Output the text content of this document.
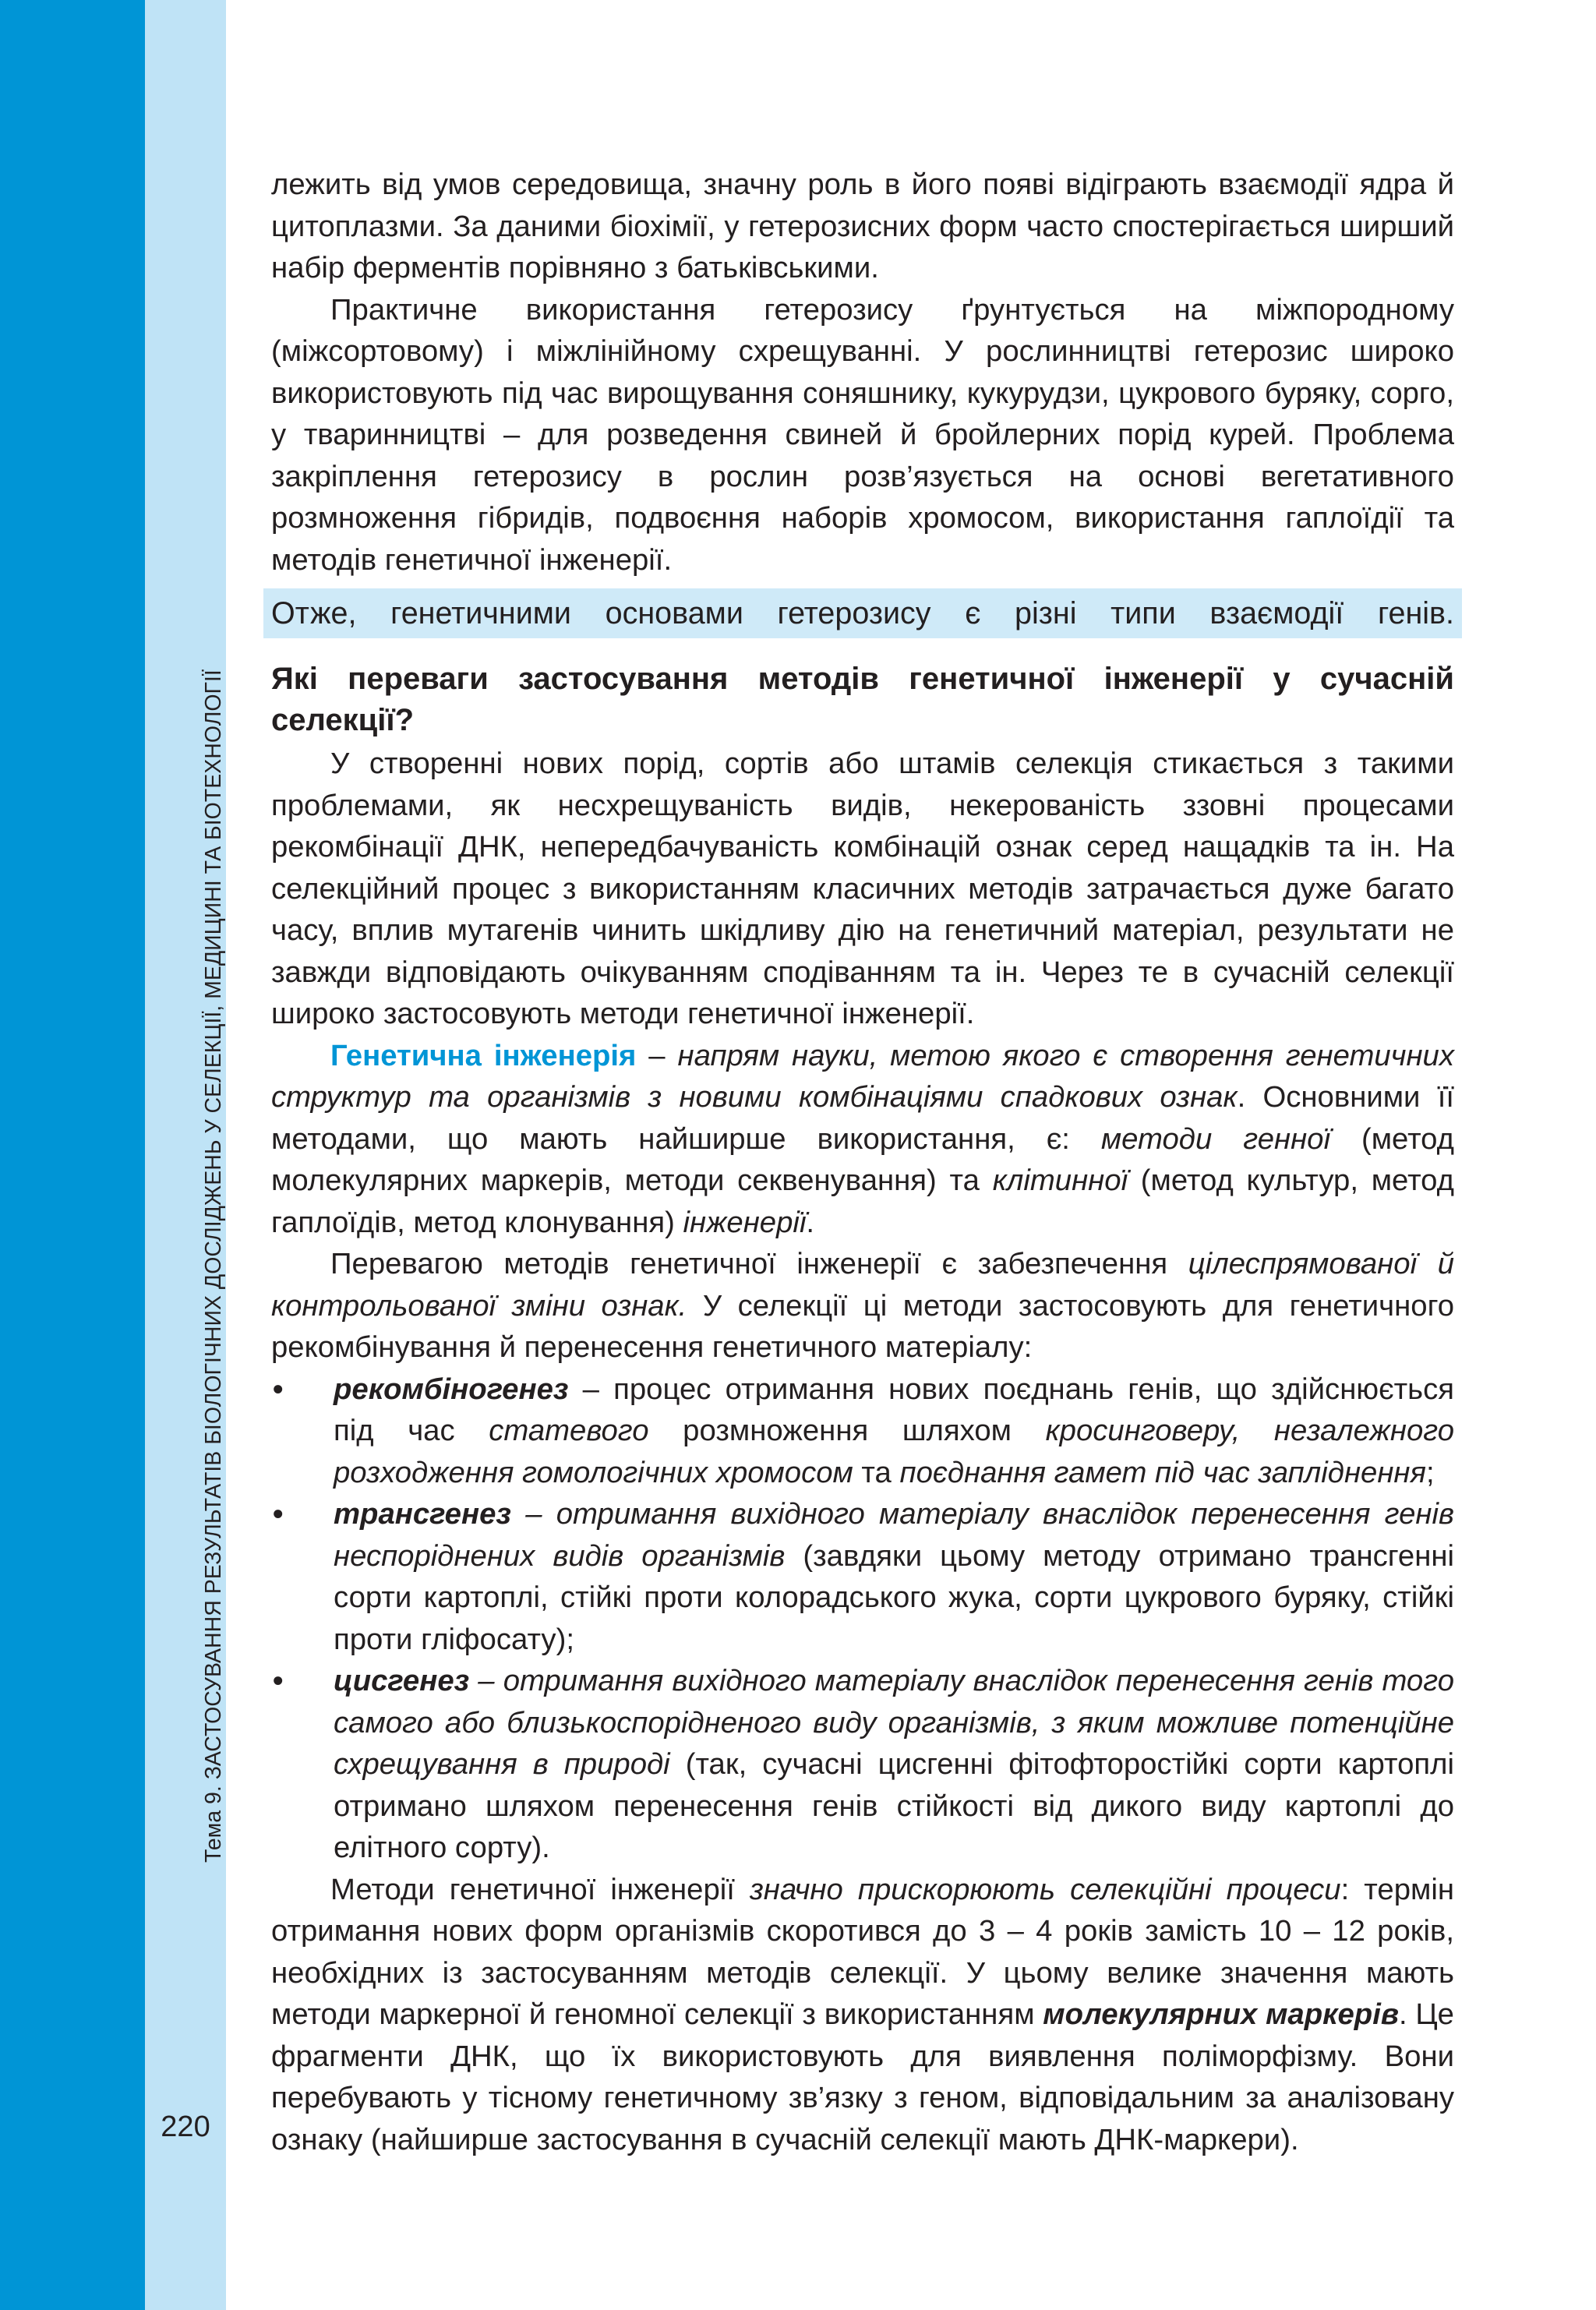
Тема 9. ЗАСТОСУВАННЯ РЕЗУЛЬТАТІВ БІОЛОГІЧНИХ ДОСЛІДЖЕНЬ У СЕЛЕКЦІЇ, МЕДИЦИНІ ТА БІОТЕХНОЛОГІЇ
220

лежить від умов середовища, значну роль в його появі відіграють взаємодії ядра й цитоплазми. За даними біохімії, у гетерозисних форм часто спостерігається ширший набір ферментів порівняно з батьківськими.

Практичне використання гетерозису ґрунтується на міжпородному (міжсортовому) і міжлінійному схрещуванні. У рослинництві гетерозис широко використовують під час вирощування соняшнику, кукурудзи, цукрового буряку, сорго, у тваринництві – для розведення свиней й бройлерних порід курей. Проблема закріплення гетерозису в рослин розв’язується на основі вегетативного розмноження гібридів, подвоєння наборів хромосом, використання гаплоїдії та методів генетичної інженерії.

Отже, генетичними основами гетерозису є різні типи взаємодії генів.

Які переваги застосування методів генетичної інженерії у сучасній селекції?

У створенні нових порід, сортів або штамів селекція стикається з такими проблемами, як несхрещуваність видів, некерованість ззовні процесами рекомбінації ДНК, непередбачуваність комбінацій ознак серед нащадків та ін. На селекційний процес з використанням класичних методів затрачається дуже багато часу, вплив мутагенів чинить шкідливу дію на генетичний матеріал, результати не завжди відповідають очікуванням сподіванням та ін. Через те в сучасній селекції широко застосовують методи генетичної інженерії.

Генетична інженерія – напрям науки, метою якого є створення генетичних структур та організмів з новими комбінаціями спадкових ознак. Основними її методами, що мають найширше використання, є: методи генної (метод молекулярних маркерів, методи секвенування) та клітинної (метод культур, метод гаплоїдів, метод клонування) інженерії.

Перевагою методів генетичної інженерії є забезпечення цілеспрямованої й контрольованої зміни ознак. У селекції ці методи застосовують для генетичного рекомбінування й перенесення генетичного матеріалу:

• рекомбіногенез – процес отримання нових поєднань генів, що здійснюється під час статевого розмноження шляхом кросинговеру, незалежного розходження гомологічних хромосом та поєднання гамет під час запліднення;
• трансгенез – отримання вихідного матеріалу внаслідок перенесення генів неспоріднених видів організмів (завдяки цьому методу отримано трансгенні сорти картоплі, стійкі проти колорадського жука, сорти цукрового буряку, стійкі проти гліфосату);
• цисгенез – отримання вихідного матеріалу внаслідок перенесення генів того самого або близькоспорідненого виду організмів, з яким можливе потенційне схрещування в природі (так, сучасні цисгенні фітофторостійкі сорти картоплі отримано шляхом перенесення генів стійкості від дикого виду картоплі до елітного сорту).

Методи генетичної інженерії значно прискорюють селекційні процеси: термін отримання нових форм організмів скоротився до 3 – 4 років замість 10 – 12 років, необхідних із застосуванням методів селекції. У цьому велике значення мають методи маркерної й геномної селекції з використанням молекулярних маркерів. Це фрагменти ДНК, що їх використовують для виявлення поліморфізму. Вони перебувають у тісному генетичному зв’язку з геном, відповідальним за аналізовану ознаку (найширше застосування в сучасній селекції мають ДНК-маркери).
